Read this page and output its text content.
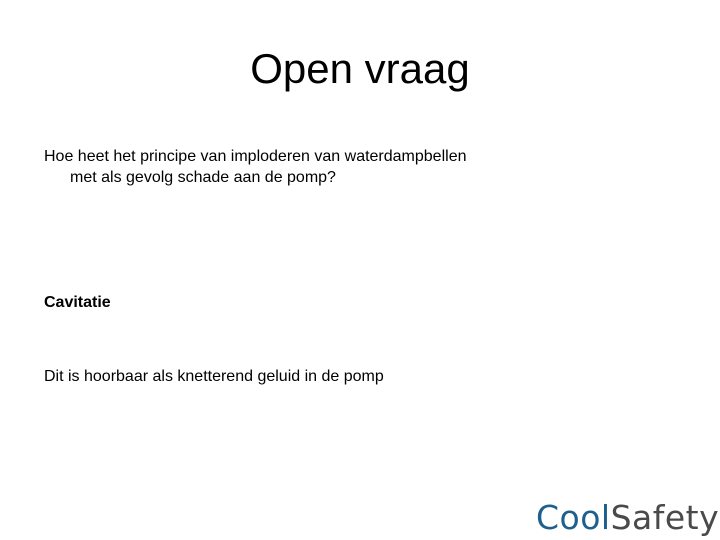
Open vraag

Hoe heet het principe van imploderen van waterdampbellen
met als gevolg schade aan de pomp?

Cavitatie

Dit is hoorbaar als knetterend geluid in de pomp

CoolSafety
